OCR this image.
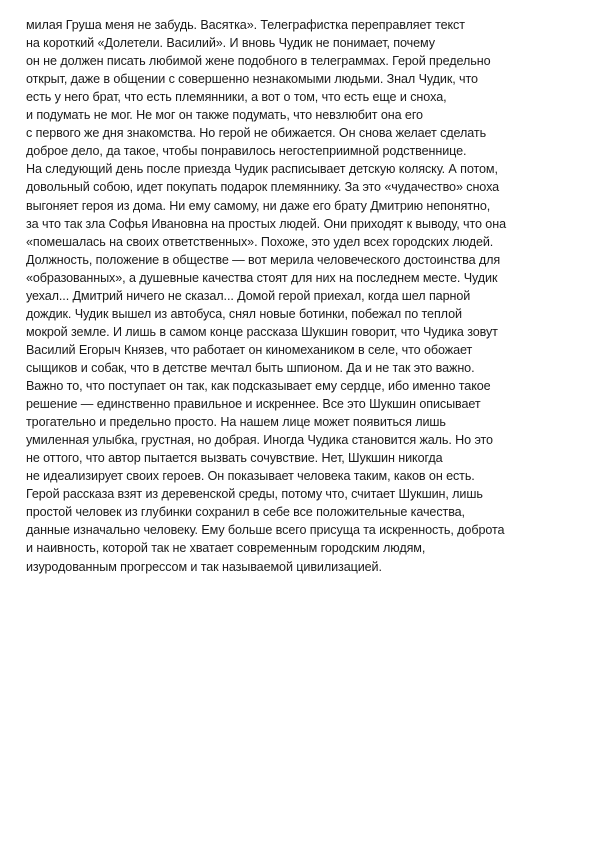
милая Груша меня не забудь. Васятка». Телеграфистка переправляет текст
на короткий «Долетели. Василий». И вновь Чудик не понимает, почему
он не должен писать любимой жене подобного в телеграммах. Герой предельно
открыт, даже в общении с совершенно незнакомыми людьми. Знал Чудик, что
есть у него брат, что есть племянники, а вот о том, что есть еще и снoха,
и подумать не мог. Не мог он также подумать, что невзлюбит она его
с первого же дня знакомства. Но герой не обижается. Он снова желает сделать
доброе дело, да такое, чтобы понравилось негостеприимной родственнице.
На следующий день после приезда Чудик расписывает детскую коляску. А потом,
довольный собою, идет покупать подарок племяннику. За это «чудачество» сноха
выгоняет героя из дома. Ни ему самому, ни даже его брату Дмитрию непонятно,
за что так зла Софья Ивановна на простых людей. Они приходят к выводу, что она
«помешалась на своих ответственных». Похоже, это удел всех городских людей.
Должность, положение в обществе — вот мерила человеческого достоинства для
«образованных», а душевные качества стоят для них на последнем месте. Чудик
уехал... Дмитрий ничего не сказал... Домой герой приехал, когда шел парной
дождик. Чудик вышел из автобуса, снял новые ботинки, побежал по теплой
мокрой земле. И лишь в самом конце рассказа Шукшин говорит, что Чудика зовут
Василий Егорыч Князев, что работает он киномехаником в селе, что обожает
сыщиков и собак, что в детстве мечтал быть шпионом. Да и не так это важно.
Важно то, что поступает он так, как подсказывает ему сердце, ибо именно такое
решение — единственно правильное и искреннее. Все это Шукшин описывает
трогательно и предельно просто. На нашем лице может появиться лишь
умиленная улыбка, грустная, но добрая. Иногда Чудика становится жаль. Но это
не оттого, что автор пытается вызвать сочувствие. Нет, Шукшин никогда
не идеализирует своих героев. Он показывает человека таким, каков он есть.
Герой рассказа взят из деревенской среды, потому что, считает Шукшин, лишь
простой человек из глубинки сохранил в себе все положительные качества,
данные изначально человеку. Ему больше всего присуща та искренность, доброта
и наивность, которой так не хватает современным городским людям,
изуродованным прогрессом и так называемой цивилизацией.
